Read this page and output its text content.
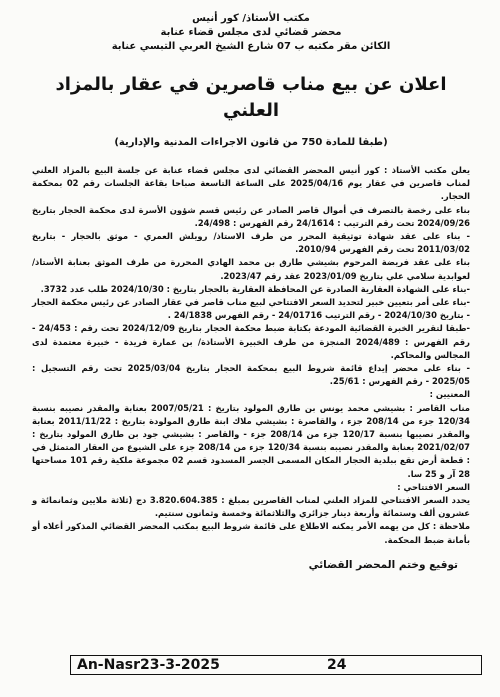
مكتب الأستاذ/ كور أنيس
محضر قضائي لدى مجلس قضاء عنابة
الكائن مقر مكتبه ب 07 شارع الشيخ العربي التبسي عنابة
اعلان عن بيع مناب قاصرين في عقار بالمزاد العلني
(طبقا للمادة 750 من قانون الاجراءات المدنية والإدارية)

يعلن مكتب الأستاذ : كور أنيس المحضر القضائي لدى مجلس قضاء عنابة عن جلسة البيع بالمزاد العلني لمناب قاصرين في عقار يوم 2025/04/16 على الساعة التاسعة صباحا بقاعة الجلسات رقم 02 بمحكمة الحجار.

بناء على رخصة بالتصرف في أموال قاصر الصادر عن رئيس قسم شؤون الأسرة لدى محكمة الحجار بتاريخ 2024/09/26 تحت رقم الترتيب : 24/1614 رقم الفهرس : 24/498.

- بناء على عقد شهادة توثيقية المحرر من طرف الاستاذ/ رويلش العمري - موثق بالحجار - بتاريخ 2011/03/02 تحت رقم الفهرس 2010/94.

بناء على عقد فريضة المرحوم بشيشي طارق بن محمد الهادي المحررة من طرف الموثق بعنابة الأستاذ/ لعوابدية سلامي علي بتاريخ 2023/01/09 عقد رقم 2023/47.

-بناء على الشهادة العقارية الصادرة عن المحافظة العقارية بالحجار بتاريخ : 2024/10/30 طلب عدد 3732.

-بناء على أمر بتعيين خبير لتحديد السعر الافتتاحي لبيع مناب قاصر في عقار الصادر عن رئيس محكمة الحجار - بتاريخ 2024/10/30 - رقم الترتيب 24/01716 - رقم الفهرس 24/1838 .

-طبقا لتقرير الخبرة القضائية المودعة بكتابة ضبط محكمة الحجار بتاريخ 2024/12/09 تحت رقم : 24/453 - رقم الفهرس : 2024/489 المنجزة من طرف الخبيرة الأستاذة/ بن عمارة فريدة - خبيرة معتمدة لدى المجالس والمحاكم.

- بناء على محضر إيداع قائمة شروط البيع بمحكمة الحجار بتاريخ 2025/03/04 تحت رقم التسجيل : 2025/05 - رقم الفهرس : 25/61.

المعنيين :

مناب القاصر : بشيشي محمد يونس بن طارق المولود بتاريخ : 2007/05/21 بعنابة والمقدر نصيبه بنسبة 120/34 جزء من 208/14 جزء ، والقاصرة : بشيشي ملاك ابنة طارق المولودة بتاريخ : 2011/11/22 بعنابة والمقدر نصيبها بنسبة 120/17 جزء من 208/14 جزء - والقاصر : بشيشي جود بن طارق المولود بتاريخ : 2021/02/07 بعنابة والمقدر نصيبه بنسبة 120/34 جزء من 208/14 جزء على الشيوع من العقار المتمثل في : قطعة أرض تقع ببلدية الحجار المكان المسمى الجسر المسدود قسم 02 مجموعة ملكية رقم 101 مساحتها 28 آر و 25 سا.

السعر الافتتاحي :

يحدد السعر الافتتاحي للمزاد العلني لمناب القاصرين بمبلغ : 3.820.604.385 دج (ثلاثة ملايين وثمانمائة و عشرون ألف وستمائة وأربعة دينار جزائري والثلاثمائة وخمسة وثمانون سنتيم.

ملاحظة : كل من يهمه الأمر يمكنه الاطلاع على قائمة شروط البيع بمكتب المحضر القضائي المذكور أعلاه أو بأمانة ضبط المحكمة.

توقيع وختم المحضر القضائي
An-Nasr23-3-2025	24
